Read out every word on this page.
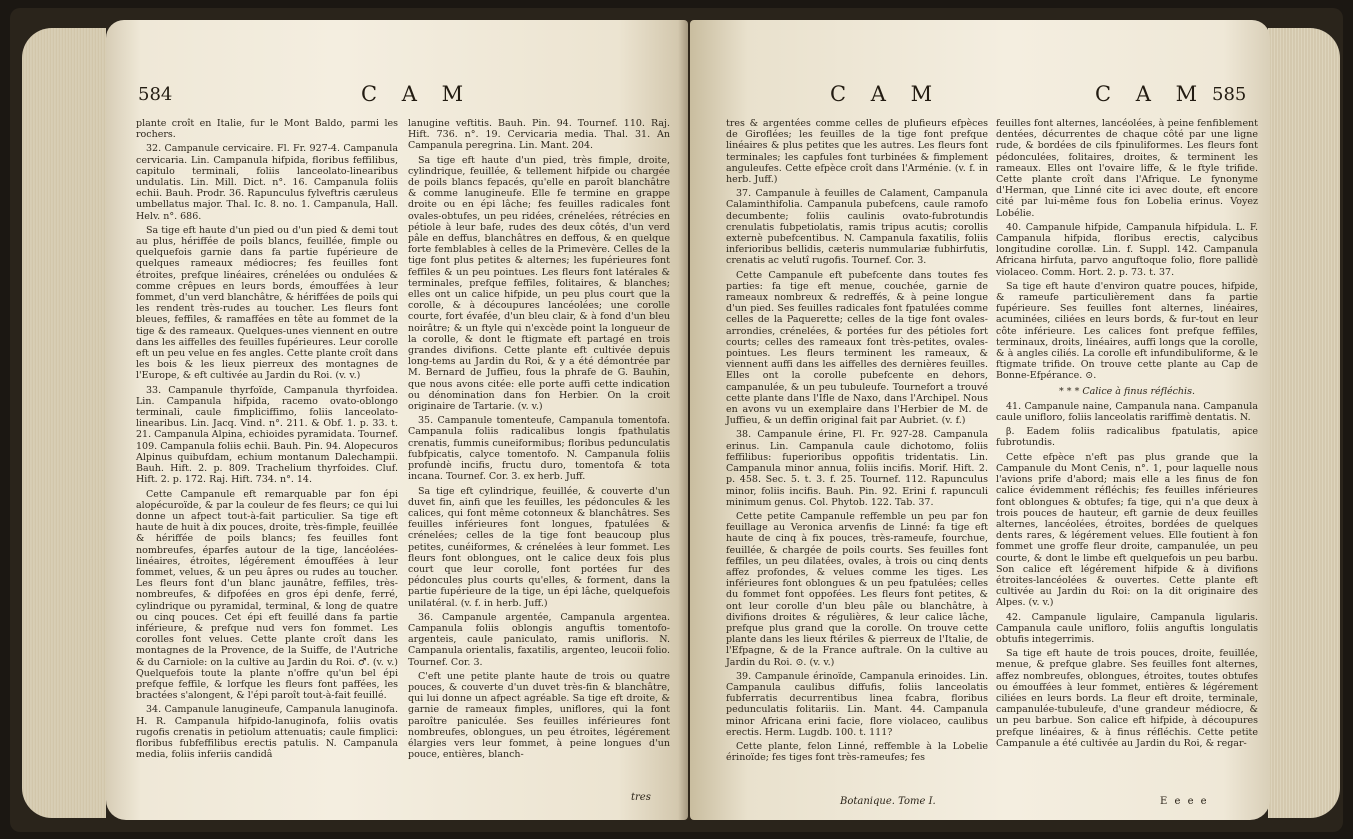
584	C A M

plante croît en Italie, fur le Mont Baldo, parmi les rochers.

32. Campanule cervicaire. Fl. Fr. 927-4. Campanula cervicaria. Lin. Campanula hifpida, floribus feffilibus, capitulo terminali, foliis lanceolato-linearibus undulatis. Lin. Mill. Dict. n°. 16. Campanula foliis echii. Bauh. Prodr. 36. Rapunculus fylveftris cæruleus umbellatus major. Thal. Ic. 8. no. 1. Campanula, Hall. Helv. n°. 686.

Sa tige eft haute d'un pied ou d'un pied & demi tout au plus, hériffée de poils blancs, feuillée, fimple ou quelquefois garnie dans fa partie fupérieure de quelques rameaux médiocres; fes feuilles font étroites, prefque linéaires, crénelées ou ondulées & comme crêpues en leurs bords, émouffées à leur fommet, d'un verd blanchâtre, & hériffées de poils qui les rendent très-rudes au toucher. Les fleurs font bleues, feffiles, & ramaffées en tête au fommet de la tige & des rameaux. Quelques-unes viennent en outre dans les aiffelles des feuilles fupérieures. Leur corolle eft un peu velue en fes angles. Cette plante croît dans les bois & les lieux pierreux des montagnes de l'Europe, & eft cultivée au Jardin du Roi. (v. v.)

33. Campanule thyrfoïde, Campanula thyrfoidea. Lin. Campanula hifpida, racemo ovato-oblongo terminali, caule fimpliciffimo, foliis lanceolato-linearibus. Lin. Jacq. Vind. n°. 211. & Obf. 1. p. 33. t. 21. Campanula Alpina, echioides pyramidata. Tournef. 109. Campanula foliis echii. Bauh. Pin. 94. Alopecuros Alpinus quibufdam, echium montanum Dalechampii. Bauh. Hift. 2. p. 809. Trachelium thyrfoides. Cluf. Hift. 2. p. 172. Raj. Hift. 734. n°. 14.

Cette Campanule eft remarquable par fon épi alopécuroïde, & par la couleur de fes fleurs; ce qui lui donne un afpect tout-à-fait particulier. Sa tige eft haute de huit à dix pouces, droite, très-fimple, feuillée & hériffée de poils blancs; fes feuilles font nombreufes, éparfes autour de la tige, lancéolées-linéaires, étroites, légérement émouffées à leur fommet, velues, & un peu âpres ou rudes au toucher. Les fleurs font d'un blanc jaunâtre, feffiles, très-nombreufes, & difpofées en gros épi denfe, ferré, cylindrique ou pyramidal, terminal, & long de quatre ou cinq pouces. Cet épi eft feuillé dans fa partie inférieure, & prefque nud vers fon fommet. Les corolles font velues. Cette plante croît dans les montagnes de la Provence, de la Suiffe, de l'Autriche & du Carniole: on la cultive au Jardin du Roi. ♂. (v. v.) Quelquefois toute la plante n'offre qu'un bel épi prefque feffile, & lorfque les fleurs font paffées, les bractées s'alongent, & l'épi paroît tout-à-fait feuillé.

34. Campanule lanugineufe, Campanula lanuginofa. H. R. Campanula hifpido-lanuginofa, foliis ovatis rugofis crenatis in petiolum attenuatis; caule fimplici: floribus fubfeffilibus erectis patulis. N. Campanula media, foliis inferiis candidâ

lanugine veftitis. Bauh. Pin. 94. Tournef. 110. Raj. Hift. 736. n°. 19. Cervicaria media. Thal. 31. An Campanula peregrina. Lin. Mant. 204.

Sa tige eft haute d'un pied, très fimple, droite, cylindrique, feuillée, & tellement hifpide ou chargée de poils blancs fepacés, qu'elle en paroît blanchâtre & comme lanugineufe. Elle fe termine en grappe droite ou en épi lâche; fes feuilles radicales font ovales-obtufes, un peu ridées, crénelées, rétrécies en pétiole à leur bafe, rudes des deux côtés, d'un verd pâle en deffus, blanchâtres en deffous, & en quelque forte femblables à celles de la Primevère. Celles de la tige font plus petites & alternes; les fupérieures font feffiles & un peu pointues. Les fleurs font latérales & terminales, prefque feffiles, folitaires, & blanches; elles ont un calice hifpide, un peu plus court que la corolle, & à découpures lancéolées; une corolle courte, fort évafée, d'un bleu clair, & à fond d'un bleu noirâtre; & un ftyle qui n'excède point la longueur de la corolle, & dont le ftigmate eft partagé en trois grandes divifions. Cette plante eft cultivée depuis long-tems au Jardin du Roi, & y a été démontrée par M. Bernard de Juffieu, fous la phrafe de G. Bauhin, que nous avons citée: elle porte auffi cette indication ou dénomination dans fon Herbier. On la croit originaire de Tartarie. (v. v.)

35. Campanule tomenteufe, Campanula tomentofa. Campanula foliis radicalibus longis fpathulatis crenatis, fummis cuneiformibus; floribus pedunculatis fubfpicatis, calyce tomentofo. N. Campanula foliis profundè incifis, fructu duro, tomentofa & tota incana. Tournef. Cor. 3. ex herb. Juff.

Sa tige eft cylindrique, feuillée, & couverte d'un duvet fin, ainfi que les feuilles, les pédoncules & les calices, qui font même cotonneux & blanchâtres. Ses feuilles inférieures font longues, fpatulées & crénelées; celles de la tige font beaucoup plus petites, cunéiformes, & crénelées à leur fommet. Les fleurs font oblongues, ont le calice deux fois plus court que leur corolle, font portées fur des pédoncules plus courts qu'elles, & forment, dans la partie fupérieure de la tige, un épi lâche, quelquefois unilatéral. (v. f. in herb. Juff.)

36. Campanule argentée, Campanula argentea. Campanula foliis oblongis anguftis tomentofo-argenteis, caule paniculato, ramis unifloris. N. Campanula orientalis, faxatilis, argenteo, leucoii folio. Tournef. Cor. 3.

C'eft une petite plante haute de trois ou quatre pouces, & couverte d'un duvet très-fin & blanchâtre, qui lui donne un afpect agréable. Sa tige eft droite, & garnie de rameaux fimples, uniflores, qui la font paroître paniculée. Ses feuilles inférieures font nombreufes, oblongues, un peu étroites, légérement élargies vers leur fommet, à peine longues d'un pouce, entières, blanch-

tres
C A M	C A M 585

tres & argentées comme celles de plufieurs efpèces de Giroflées; les feuilles de la tige font prefque linéaires & plus petites que les autres. Les fleurs font terminales; les capfules font turbinées & fimplement anguleufes. Cette efpèce croît dans l'Arménie. (v. f. in herb. Juff.)

37. Campanule à feuilles de Calament, Campanula Calaminthifolia. Campanula pubefcens, caule ramofo decumbente; foliis caulinis ovato-fubrotundis crenulatis fubpetiolatis, ramis tripus acutis; corollis externè pubefcentibus. N. Campanula faxatilis, foliis inferioribus bellidis, cæteris nummulariæ fubhirfutis, crenatis ac velutî rugofis. Tournef. Cor. 3.

Cette Campanule eft pubefcente dans toutes fes parties: fa tige eft menue, couchée, garnie de rameaux nombreux & redreffés, & à peine longue d'un pied. Ses feuilles radicales font fpatulées comme celles de la Paquerette; celles de la tige font ovales-arrondies, crénelées, & portées fur des pétioles fort courts; celles des rameaux font très-petites, ovales-pointues. Les fleurs terminent les rameaux, & viennent auffi dans les aiffelles des dernières feuilles. Elles ont la corolle pubefcente en dehors, campanulée, & un peu tubuleufe. Tournefort a trouvé cette plante dans l'Ifle de Naxo, dans l'Archipel. Nous en avons vu un exemplaire dans l'Herbier de M. de Juffieu, & un deffin original fait par Aubriet. (v. f.)

38. Campanule érine, Fl. Fr. 927-28. Campanula erinus. Lin. Campanula caule dichotomo, foliis feffilibus: fuperioribus oppofitis tridentatis. Lin. Campanula minor annua, foliis incifis. Morif. Hift. 2. p. 458. Sec. 5. t. 3. f. 25. Tournef. 112. Rapunculus minor, foliis incifis. Bauh. Pin. 92. Erini f. rapunculi minimum genus. Col. Phytob. 122. Tab. 37.

Cette petite Campanule reffemble un peu par fon feuillage au Veronica arvenfis de Linné: fa tige eft haute de cinq à fix pouces, très-rameufe, fourchue, feuillée, & chargée de poils courts. Ses feuilles font feffiles, un peu dilatées, ovales, à trois ou cinq dents affez profondes, & velues comme les tiges. Les inférieures font oblongues & un peu fpatulées; celles du fommet font oppofées. Les fleurs font petites, & ont leur corolle d'un bleu pâle ou blanchâtre, à divifions droites & régulières, & leur calice lâche, prefque plus grand que la corolle. On trouve cette plante dans les lieux ftériles & pierreux de l'Italie, de l'Efpagne, & de la France auftrale. On la cultive au Jardin du Roi. ⊙. (v. v.)

39. Campanule érinoïde, Campanula erinoides. Lin. Campanula caulibus diffufis, foliis lanceolatis fubferratis decurrentibus linea fcabra, floribus pedunculatis folitariis. Lin. Mant. 44. Campanula minor Africana erini facie, flore violaceo, caulibus erectis. Herm. Lugdb. 100. t. 111?

Cette plante, felon Linné, reffemble à la Lobelie érinoïde; fes tiges font très-rameufes; fes

feuilles font alternes, lancéolées, à peine fenfiblement dentées, décurrentes de chaque côté par une ligne rude, & bordées de cils fpinuliformes. Les fleurs font pédonculées, folitaires, droites, & terminent les rameaux. Elles ont l'ovaire liffe, & le ftyle trifide. Cette plante croît dans l'Afrique. Le fynonyme d'Herman, que Linné cite ici avec doute, eft encore cité par lui-même fous fon Lobelia erinus. Voyez Lobélie.

40. Campanule hifpide, Campanula hifpidula. L. F. Campanula hifpida, floribus erectis, calycibus longitudine corollæ. Lin. f. Suppl. 142. Campanula Africana hirfuta, parvo anguftoque folio, flore pallidè violaceo. Comm. Hort. 2. p. 73. t. 37.

Sa tige eft haute d'environ quatre pouces, hifpide, & rameufe particulièrement dans fa partie fupérieure. Ses feuilles font alternes, linéaires, acuminées, ciliées en leurs bords, & fur-tout en leur côte inférieure. Les calices font prefque feffiles, terminaux, droits, linéaires, auffi longs que la corolle, & à angles ciliés. La corolle eft infundibuliforme, & le ftigmate trifide. On trouve cette plante au Cap de Bonne-Efpérance. ⊙.

* * * Calice à finus réfléchis.

41. Campanule naine, Campanula nana. Campanula caule unifloro, foliis lanceolatis rariffimè dentatis. N.

β. Eadem foliis radicalibus fpatulatis, apice fubrotundis.

Cette efpèce n'eft pas plus grande que la Campanule du Mont Cenis, n°. 1, pour laquelle nous l'avions prife d'abord; mais elle a les finus de fon calice évidemment réfléchis; fes feuilles inférieures font oblongues & obtufes; fa tige, qui n'a que deux à trois pouces de hauteur, eft garnie de deux feuilles alternes, lancéolées, étroites, bordées de quelques dents rares, & légérement velues. Elle foutient à fon fommet une groffe fleur droite, campanulée, un peu courte, & dont le limbe eft quelquefois un peu barbu. Son calice eft légérement hifpide & à divifions étroites-lancéolées & ouvertes. Cette plante eft cultivée au Jardin du Roi: on la dit originaire des Alpes. (v. v.)

42. Campanule ligulaire, Campanula ligularis. Campanula caule unifloro, foliis anguftis longulatis obtufis integerrimis.

Sa tige eft haute de trois pouces, droite, feuillée, menue, & prefque glabre. Ses feuilles font alternes, affez nombreufes, oblongues, étroites, toutes obtufes ou émouffées à leur fommet, entières & légérement ciliées en leurs bords. La fleur eft droite, terminale, campanulée-tubuleufe, d'une grandeur médiocre, & un peu barbue. Son calice eft hifpide, à découpures prefque linéaires, & à finus réfléchis. Cette petite Campanule a été cultivée au Jardin du Roi, & regar-

Botanique. Tome I.	E e e e
